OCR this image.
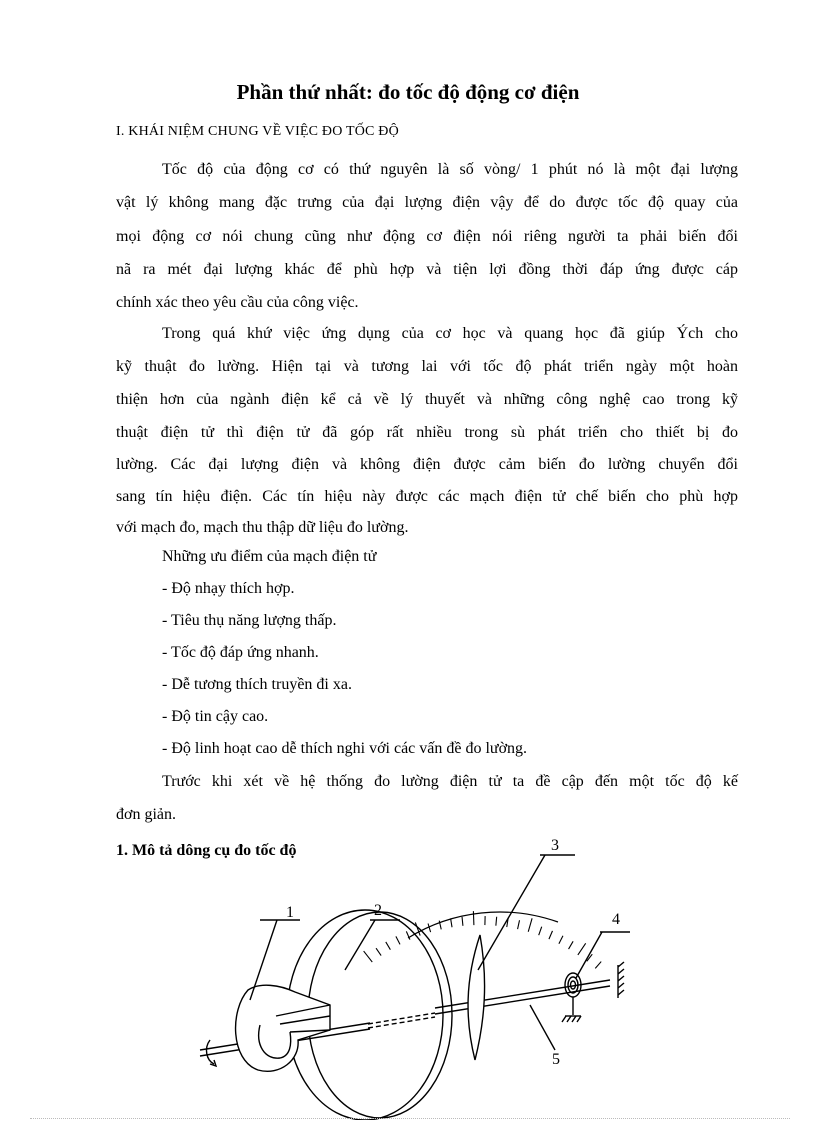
Phần thứ nhất: đo tốc độ động cơ điện
I. KHÁI NIỆM CHUNG VỀ VIỆC ĐO TỐC ĐỘ
Tốc độ của động cơ có thứ nguyên là số vòng/ 1 phút nó là một đại lượng
vật lý không mang đặc trưng của đại lượng điện vậy để do được tốc độ quay của
mọi động cơ nói chung cũng như động cơ điện nói riêng người ta phải biến đổi
nã ra mét đại lượng khác để phù hợp và tiện lợi đồng thời đáp ứng được cáp
chính xác theo yêu cầu của công việc.
Trong quá khứ việc ứng dụng của cơ học và quang học đã giúp Ých cho
kỹ thuật đo lường. Hiện tại và tương lai với tốc độ phát triển ngày một hoàn
thiện hơn của ngành điện kể cả về lý thuyết và những công nghệ cao trong kỹ
thuật điện tử thì điện tử đã góp rất nhiều trong sù phát triển cho thiết bị đo
lường. Các đại lượng điện và không điện được cảm biến đo lường chuyển đổi
sang tín hiệu điện. Các tín hiệu này được các mạch điện tử chế biến cho phù hợp
với mạch đo, mạch thu thập dữ liệu đo lường.
Những ưu điểm của mạch điện tử
- Độ nhạy thích hợp.
- Tiêu thụ năng lượng thấp.
- Tốc độ đáp ứng nhanh.
- Dễ tương thích truyền đi xa.
- Độ tin cậy cao.
- Độ linh hoạt cao dễ thích nghi với các vấn đề đo lường.
Trước khi xét về hệ thống đo lường điện tử ta đề cập đến một tốc độ kế
đơn giản.
1. Mô tả dông cụ đo tốc độ
1	2
3
4
5
